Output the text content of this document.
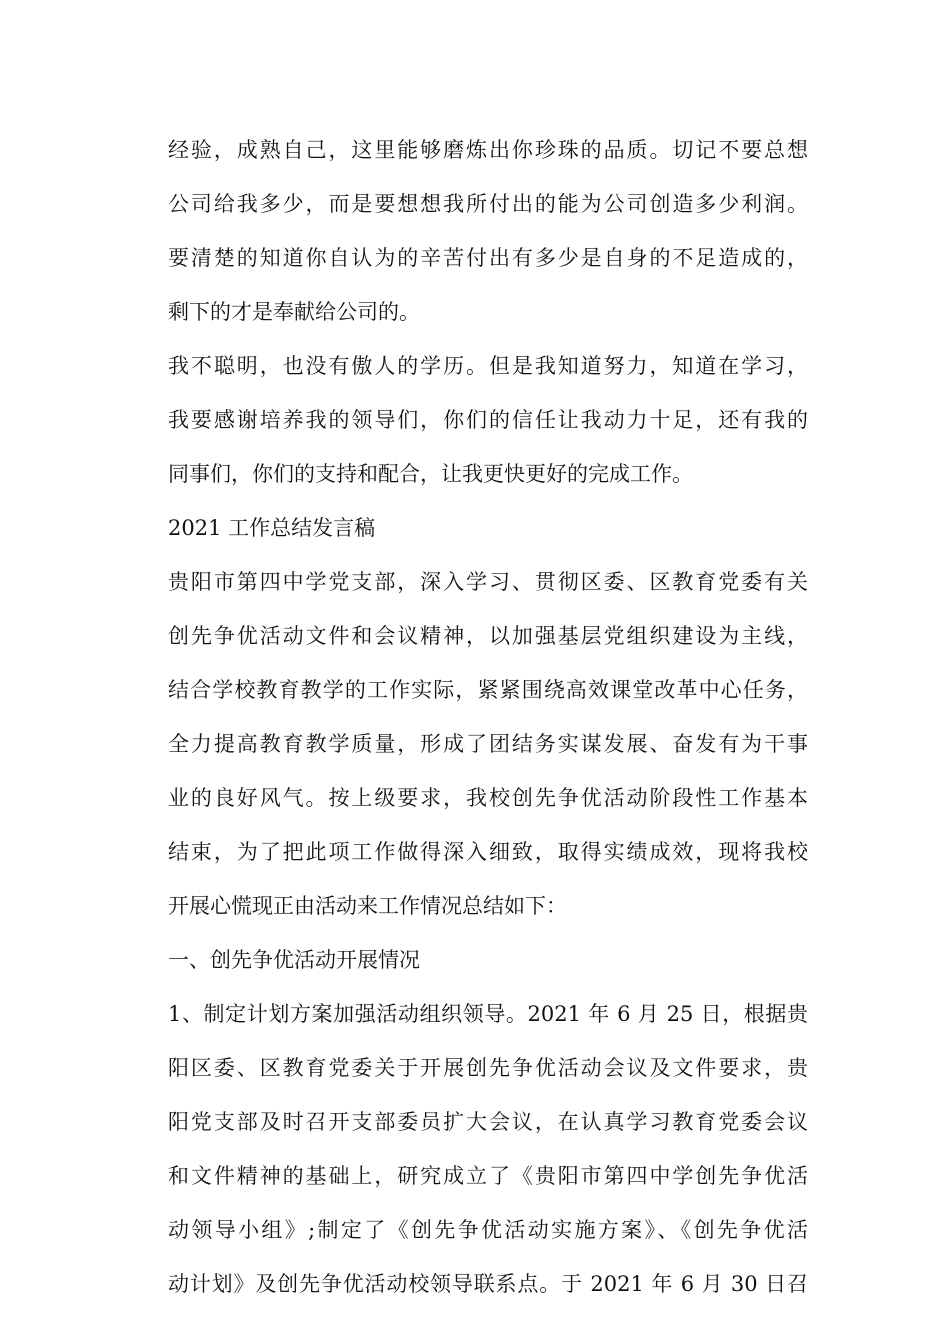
经验，成熟自己，这里能够磨炼出你珍珠的品质。切记不要总想
公司给我多少，而是要想想我所付出的能为公司创造多少利润。
要清楚的知道你自认为的辛苦付出有多少是自身的不足造成的，
剩下的才是奉献给公司的。
我不聪明，也没有傲人的学历。但是我知道努力，知道在学习，
我要感谢培养我的领导们，你们的信任让我动力十足，还有我的
同事们，你们的支持和配合，让我更快更好的完成工作。
2021 工作总结发言稿
贵阳市第四中学党支部，深入学习、贯彻区委、区教育党委有关
创先争优活动文件和会议精神，以加强基层党组织建设为主线，
结合学校教育教学的工作实际，紧紧围绕高效课堂改革中心任务，
全力提高教育教学质量，形成了团结务实谋发展、奋发有为干事
业的良好风气。按上级要求，我校创先争优活动阶段性工作基本
结束，为了把此项工作做得深入细致，取得实绩成效，现将我校
开展心慌现正由活动来工作情况总结如下：
一、创先争优活动开展情况
1、制定计划方案加强活动组织领导。2021 年 6 月 25 日，根据贵
阳区委、区教育党委关于开展创先争优活动会议及文件要求，贵
阳党支部及时召开支部委员扩大会议，在认真学习教育党委会议
和文件精神的基础上，研究成立了《贵阳市第四中学创先争优活
动领导小组》;制定了《创先争优活动实施方案》、《创先争优活
动计划》及创先争优活动校领导联系点。于 2021 年 6 月 30 日召
